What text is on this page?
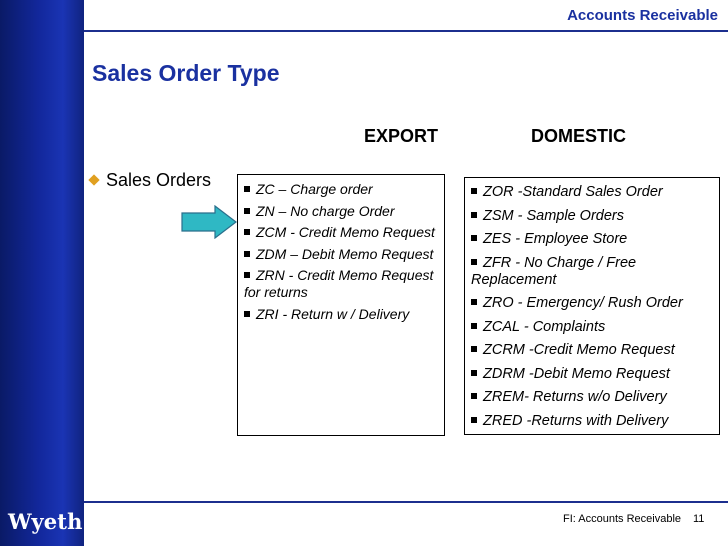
Wyeth
Accounts Receivable
Sales Order Type
EXPORT	DOMESTIC
Sales Orders	ZC – Charge order
ZN – No charge Order
ZCM - Credit Memo Request
ZDM – Debit Memo Request
ZRN - Credit Memo Request for returns
ZRI - Return w / Delivery
ZOR -Standard Sales Order
ZSM - Sample Orders
ZES - Employee Store
ZFR - No Charge / Free Replacement
ZRO - Emergency/ Rush Order
ZCAL - Complaints
ZCRM -Credit Memo Request
ZDRM -Debit Memo Request
ZREM- Returns w/o Delivery
ZRED -Returns with Delivery
FI: Accounts Receivable 11
